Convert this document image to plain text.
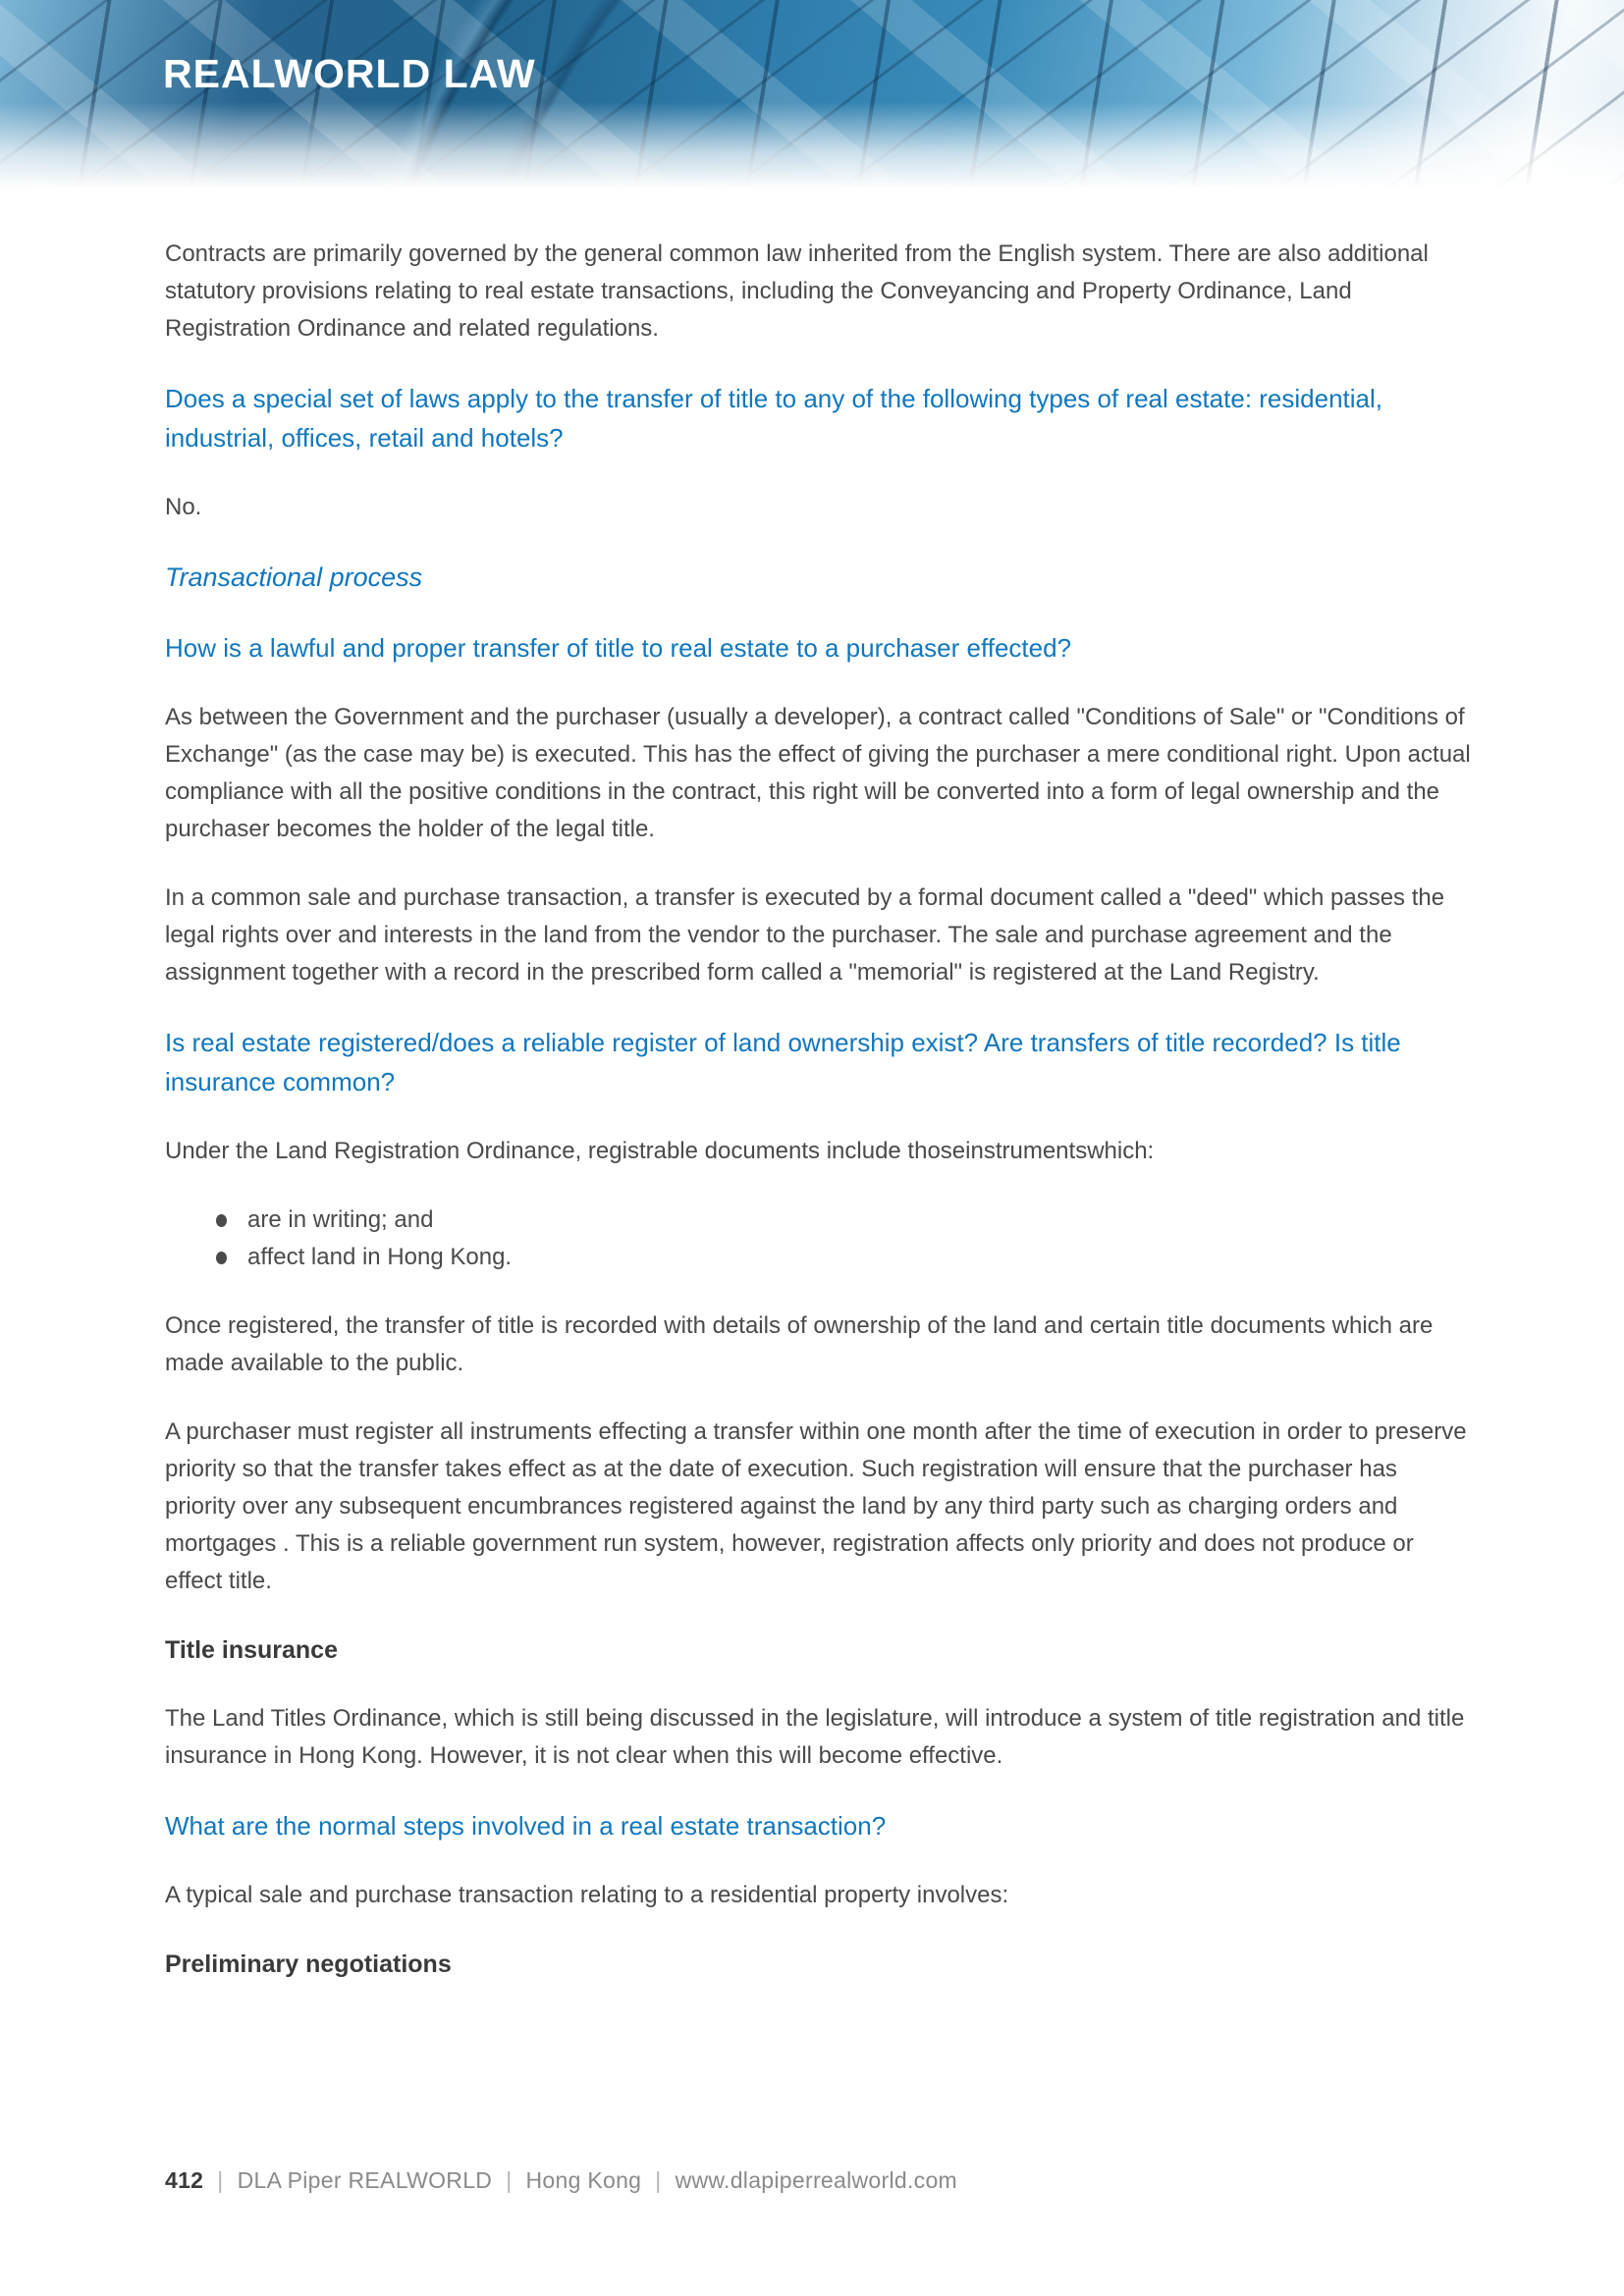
REALWORLD LAW

Contracts are primarily governed by the general common law inherited from the English system. There are also additional statutory provisions relating to real estate transactions, including the Conveyancing and Property Ordinance, Land Registration Ordinance and related regulations.

Does a special set of laws apply to the transfer of title to any of the following types of real estate: residential, industrial, offices, retail and hotels?

No.

Transactional process
How is a lawful and proper transfer of title to real estate to a purchaser effected?

As between the Government and the purchaser (usually a developer), a contract called "Conditions of Sale" or "Conditions of Exchange" (as the case may be) is executed. This has the effect of giving the purchaser a mere conditional right. Upon actual compliance with all the positive conditions in the contract, this right will be converted into a form of legal ownership and the purchaser becomes the holder of the legal title.

In a common sale and purchase transaction, a transfer is executed by a formal document called a "deed" which passes the legal rights over and interests in the land from the vendor to the purchaser. The sale and purchase agreement and the assignment together with a record in the prescribed form called a "memorial" is registered at the Land Registry.

Is real estate registered/does a reliable register of land ownership exist? Are transfers of title recorded? Is title insurance common?

Under the Land Registration Ordinance, registrable documents include thoseinstrumentswhich:

are in writing; and
affect land in Hong Kong.

Once registered, the transfer of title is recorded with details of ownership of the land and certain title documents which are made available to the public.

A purchaser must register all instruments effecting a transfer within one month after the time of execution in order to preserve priority so that the transfer takes effect as at the date of execution. Such registration will ensure that the purchaser has priority over any subsequent encumbrances registered against the land by any third party such as charging orders and mortgages . This is a reliable government run system, however, registration affects only priority and does not produce or effect title.

Title insurance

The Land Titles Ordinance, which is still being discussed in the legislature, will introduce a system of title registration and title insurance in Hong Kong. However, it is not clear when this will become effective.

What are the normal steps involved in a real estate transaction?

A typical sale and purchase transaction relating to a residential property involves:

Preliminary negotiations
412 | DLA Piper REALWORLD | Hong Kong | www.dlapiperrealworld.com
